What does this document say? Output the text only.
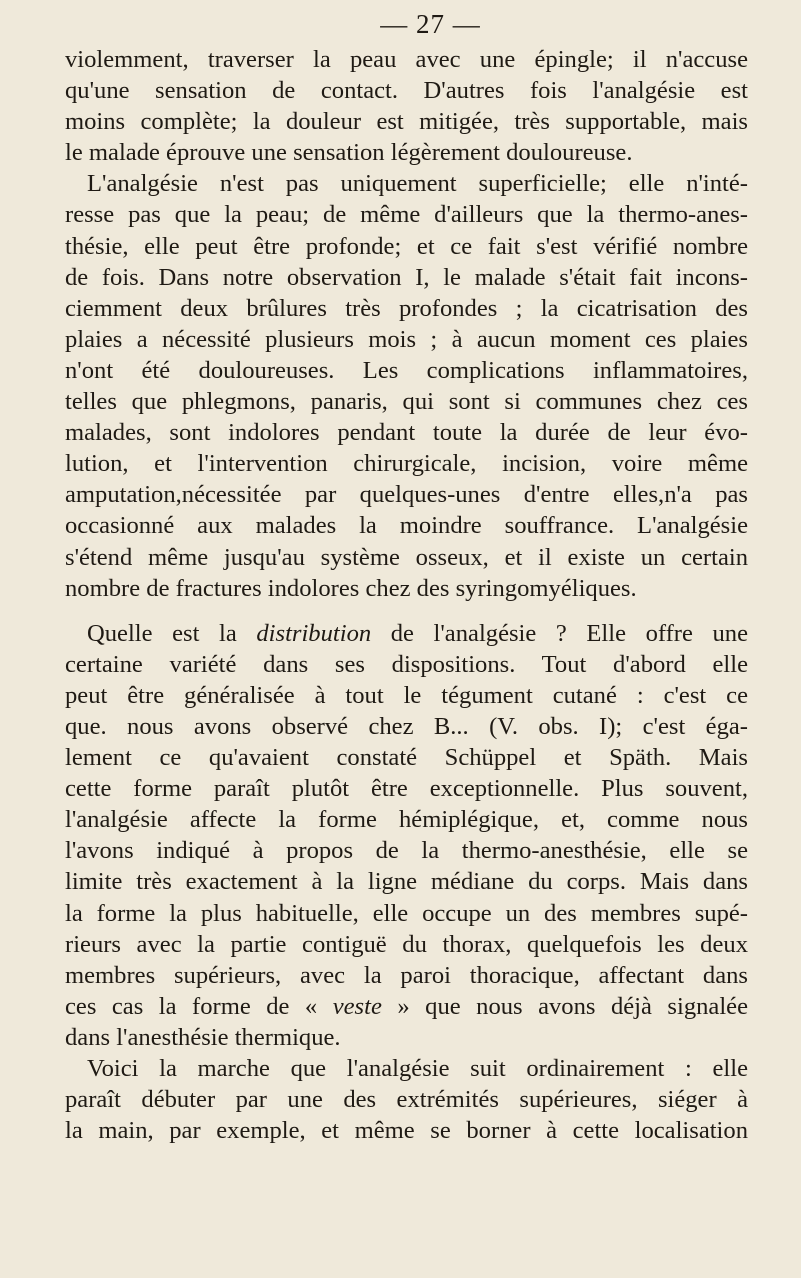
— 27 —

violemment, traverser la peau avec une épingle; il n'accuse
qu'une sensation de contact. D'autres fois l'analgésie est
moins complète; la douleur est mitigée, très supportable, mais
le malade éprouve une sensation légèrement douloureuse.

L'analgésie n'est pas uniquement superficielle; elle n'inté-
resse pas que la peau; de même d'ailleurs que la thermo-anes-
thésie, elle peut être profonde; et ce fait s'est vérifié nombre
de fois. Dans notre observation I, le malade s'était fait incons-
ciemment deux brûlures très profondes ; la cicatrisation des
plaies a nécessité plusieurs mois ; à aucun moment ces plaies
n'ont été douloureuses. Les complications inflammatoires,
telles que phlegmons, panaris, qui sont si communes chez ces
malades, sont indolores pendant toute la durée de leur évo-
lution, et l'intervention chirurgicale, incision, voire même
amputation,nécessitée par quelques-unes d'entre elles,n'a pas
occasionné aux malades la moindre souffrance. L'analgésie
s'étend même jusqu'au système osseux, et il existe un certain
nombre de fractures indolores chez des syringomyéliques.

Quelle est la distribution de l'analgésie ? Elle offre une
certaine variété dans ses dispositions. Tout d'abord elle
peut être généralisée à tout le tégument cutané : c'est ce
que. nous avons observé chez B... (V. obs. I); c'est éga-
lement ce qu'avaient constaté Schüppel et Späth. Mais
cette forme paraît plutôt être exceptionnelle. Plus souvent,
l'analgésie affecte la forme hémiplégique, et, comme nous
l'avons indiqué à propos de la thermo-anesthésie, elle se
limite très exactement à la ligne médiane du corps. Mais dans
la forme la plus habituelle, elle occupe un des membres supé-
rieurs avec la partie contiguë du thorax, quelquefois les deux
membres supérieurs, avec la paroi thoracique, affectant dans
ces cas la forme de « veste » que nous avons déjà signalée
dans l'anesthésie thermique.

Voici la marche que l'analgésie suit ordinairement : elle
paraît débuter par une des extrémités supérieures, siéger à
la main, par exemple, et même se borner à cette localisation
